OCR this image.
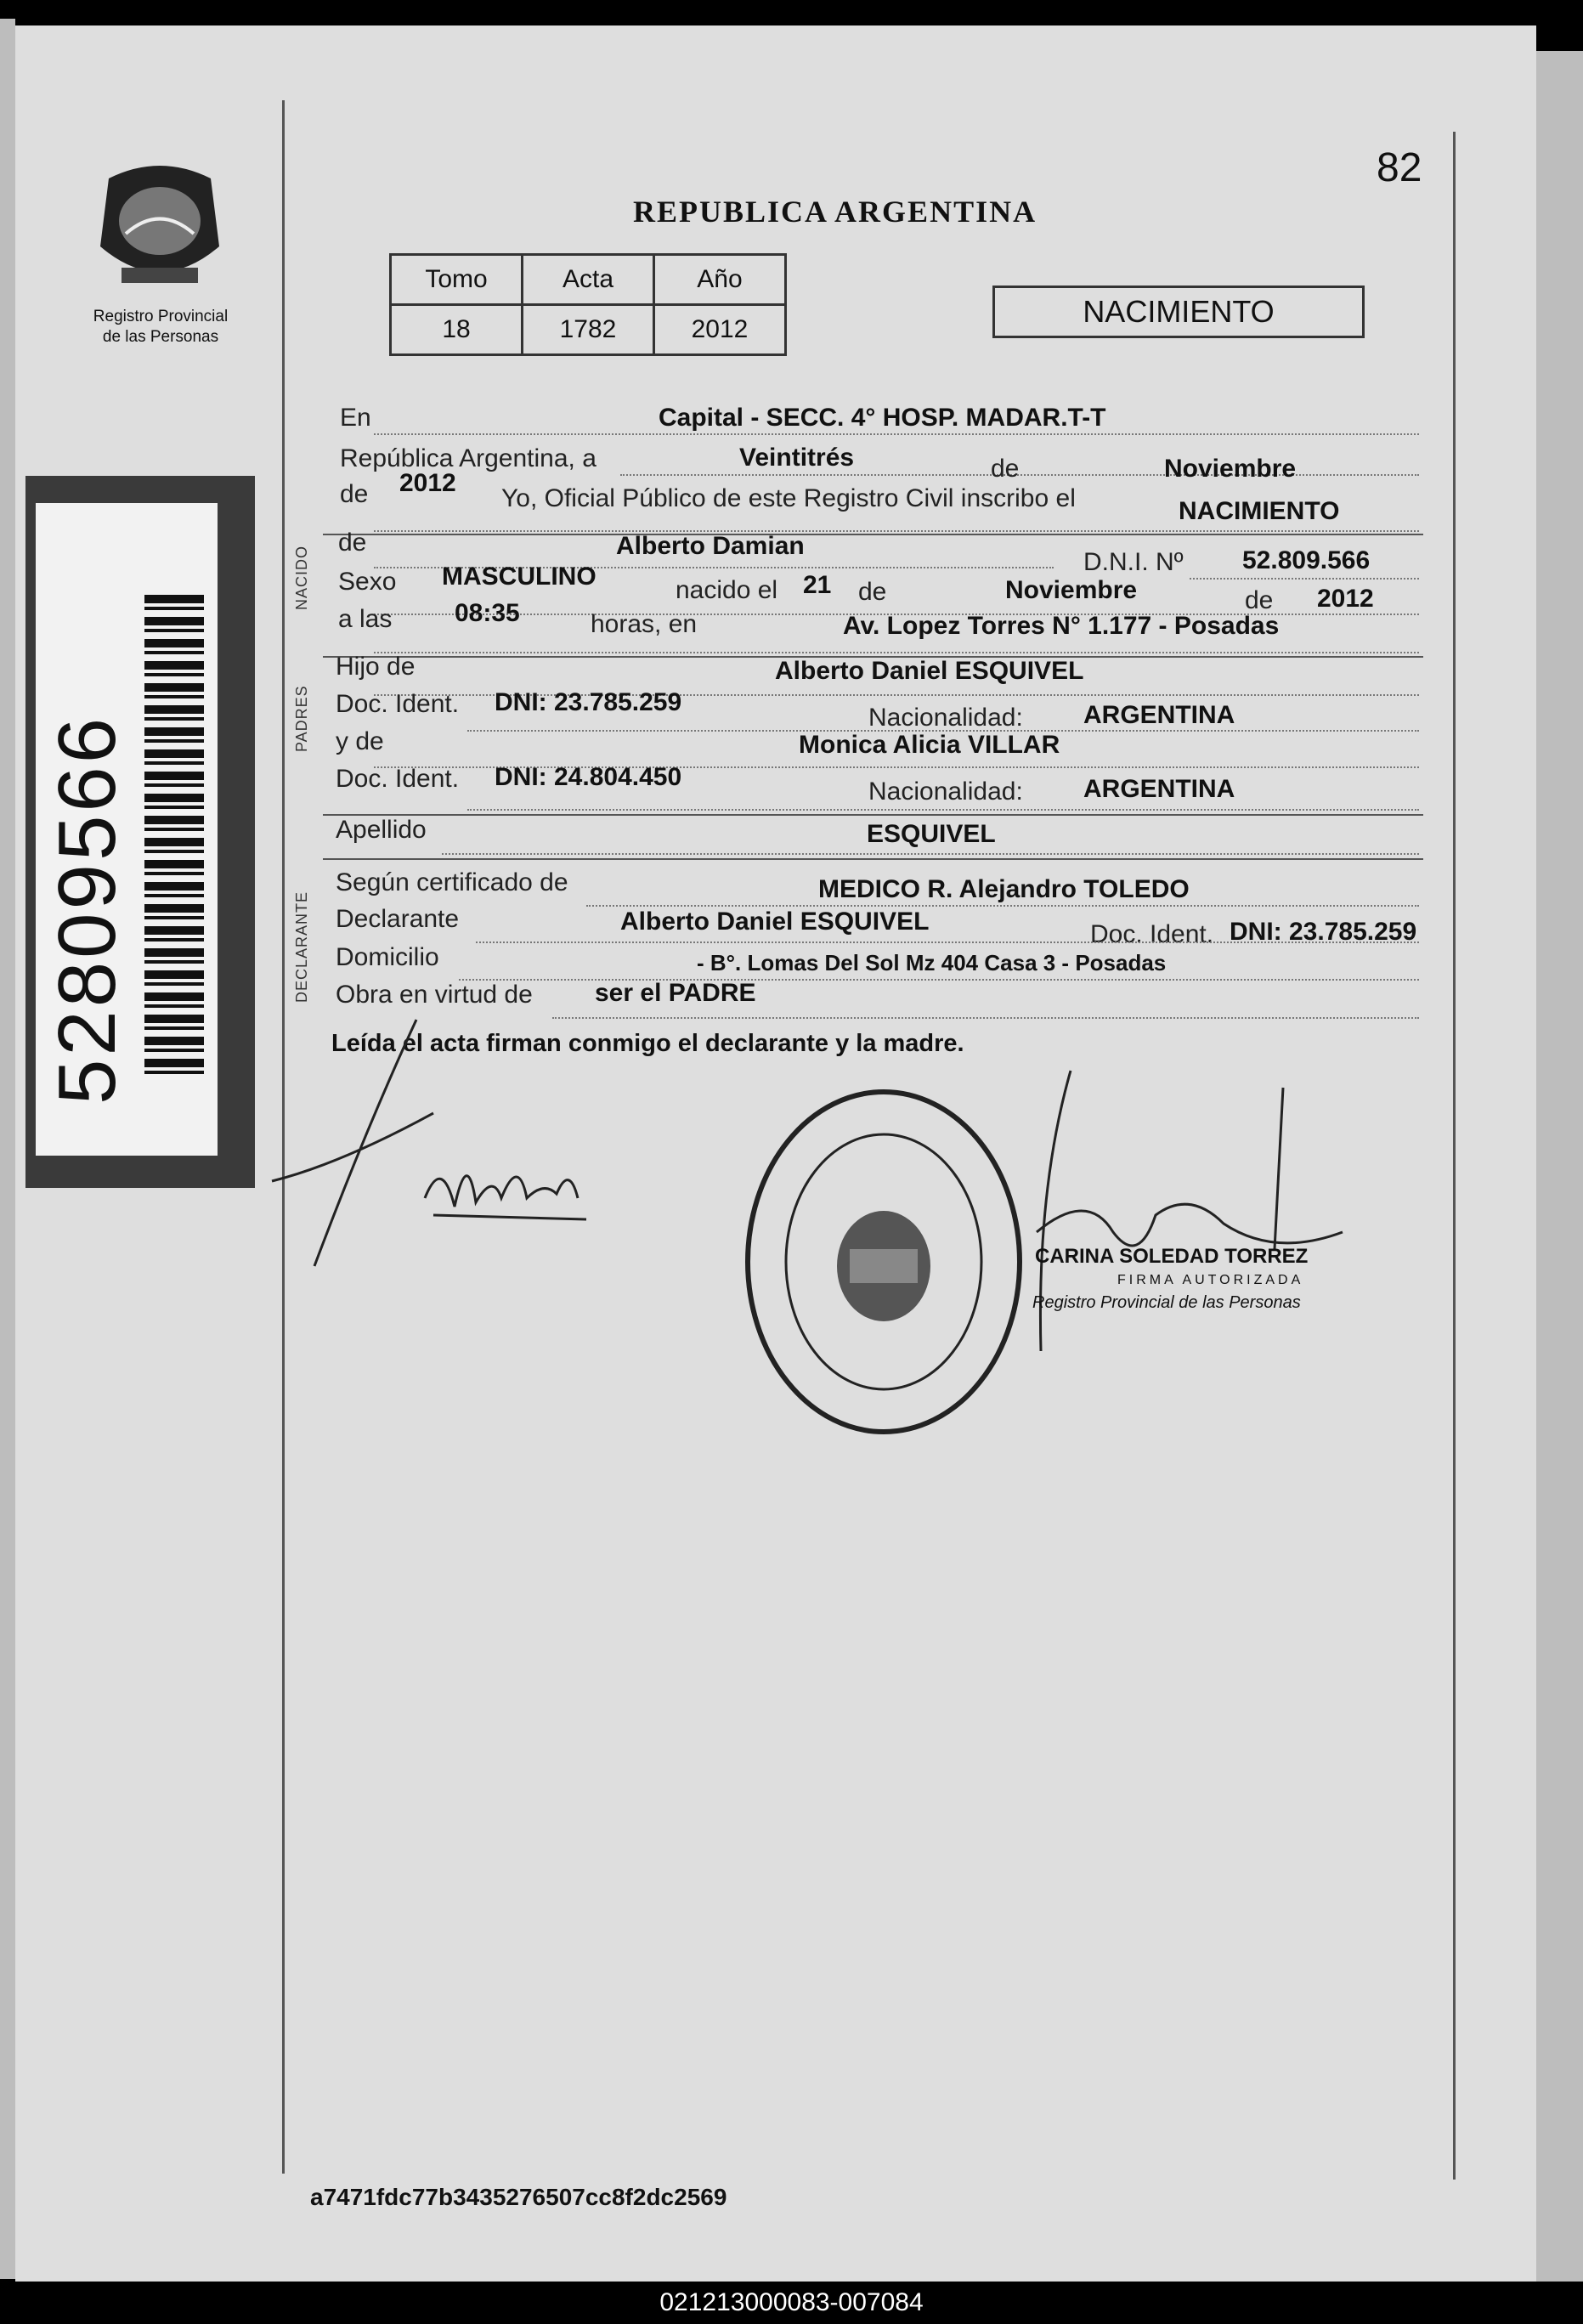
Registro Provincial
de las Personas
52809566
82
REPUBLICA ARGENTINA
Tomo	Acta	Año
18	1782	2012
NACIMIENTO
En	Capital - SECC. 4° HOSP. MADAR.T-T
República Argentina, a	Veintitrés	de	Noviembre
de 2012
Yo, Oficial Público de este Registro Civil inscribo el	NACIMIENTO
NACIDO
de	Alberto Damian
D.N.I. Nº 52.809.566
Sexo MASCULINO	nacido el 21 de	Noviembre	de 2012
a las 08:35	horas, en	Av. Lopez Torres N° 1.177 - Posadas
PADRES
Hijo de	Alberto Daniel ESQUIVEL
Doc. Ident. DNI: 23.785.259
Nacionalidad: ARGENTINA
y de	Monica Alicia VILLAR
Doc. Ident. DNI: 24.804.450
Nacionalidad: ARGENTINA
Apellido	ESQUIVEL
DECLARANTE
Según certificado de	MEDICO R. Alejandro TOLEDO
Declarante	Alberto Daniel ESQUIVEL	Doc. Ident. DNI: 23.785.259
Domicilio	- B°. Lomas Del Sol Mz 404 Casa 3 - Posadas
Obra en virtud de ser el PADRE
Leída el acta firman conmigo el declarante y la madre.
CARINA SOLEDAD TORREZ
FIRMA AUTORIZADA
Registro Provincial de las Personas
a7471fdc77b3435276507cc8f2dc2569
021213000083-007084
